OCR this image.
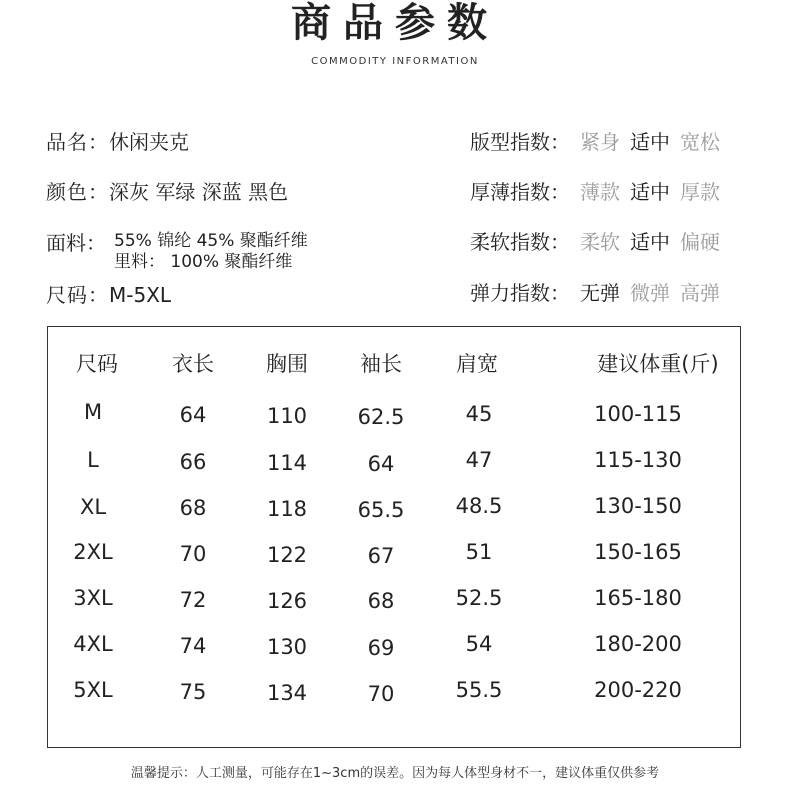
商品参数
COMMODITY INFORMATION
品名：休闲夹克
颜色：深灰 军绿 深蓝 黑色
面料： 55% 锦纶 45% 聚酯纤维
里料： 100% 聚酯纤维
尺码：M-5XL
版型指数： 紧身 适中 宽松
厚薄指数： 薄款 适中 厚款
柔软指数： 柔软 适中 偏硬
弹力指数： 无弹 微弹 高弹
尺码	衣长	胸围	袖长	肩宽	建议体重(斤)
M	64	110	62.5	45	100-115
L	66	114	64	47	115-130
XL	68	118	65.5	48.5	130-150
2XL	70	122	67	51	150-165
3XL	72	126	68	52.5	165-180
4XL	74	130	69	54	180-200
5XL	75	134	70	55.5	200-220
温馨提示：人工测量，可能存在1~3cm的误差。因为每人体型身材不一，建议体重仅供参考
